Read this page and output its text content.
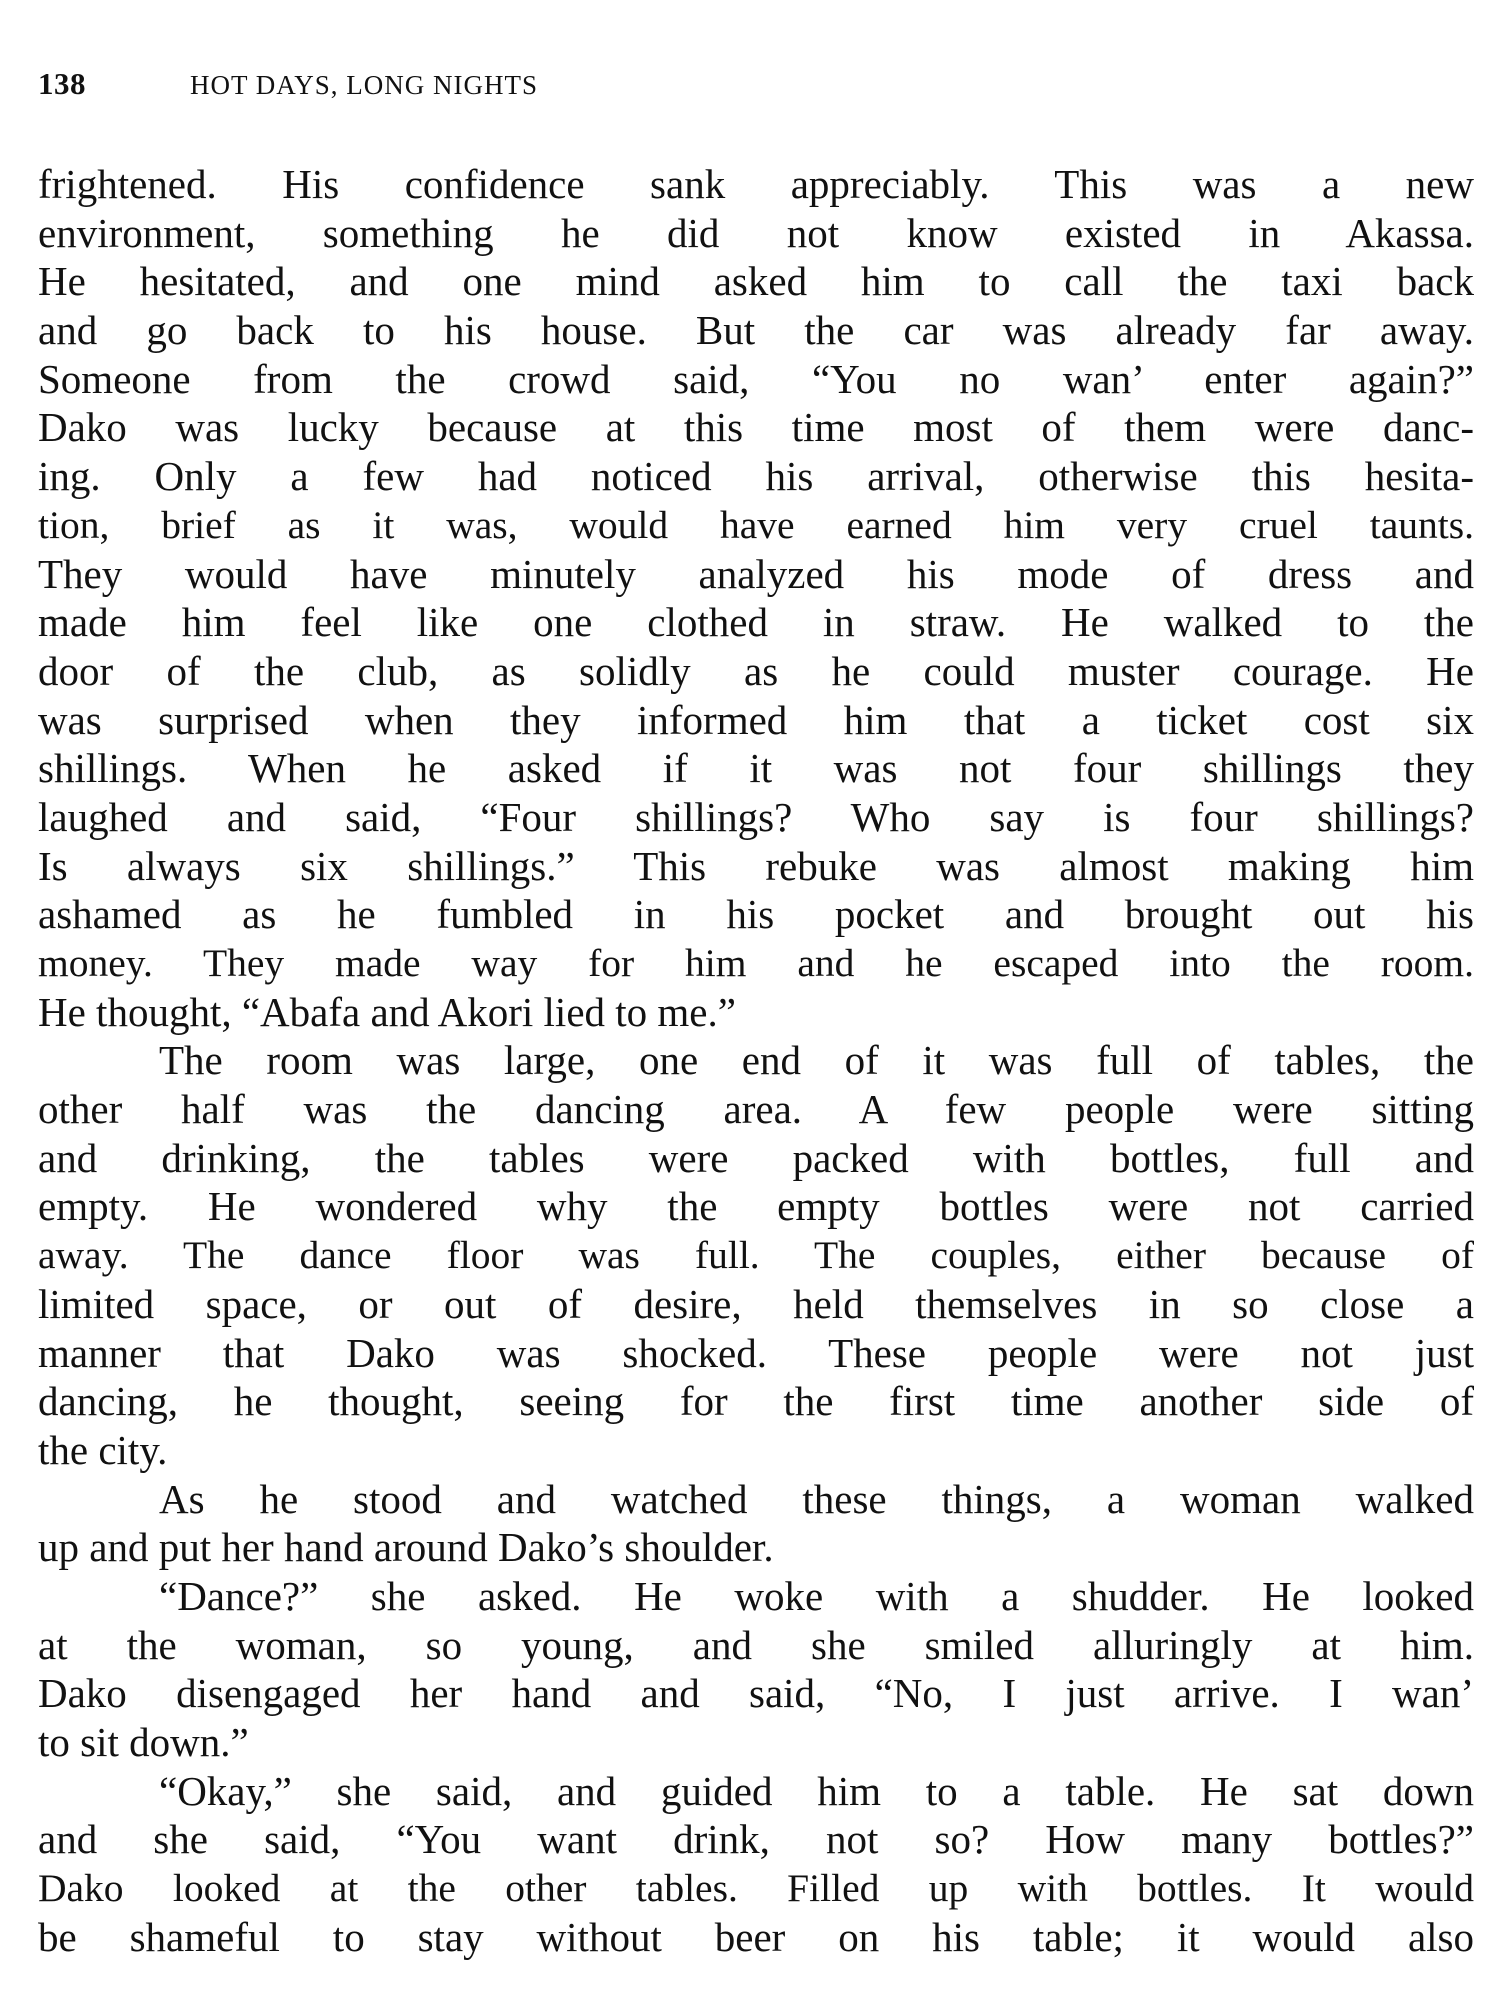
138	HOT DAYS, LONG NIGHTS
frightened. His confidence sank appreciably. This was a new
environment, something he did not know existed in Akassa.
He hesitated, and one mind asked him to call the taxi back
and go back to his house. But the car was already far away.
Someone from the crowd said, “You no wan’ enter again?”
Dako was lucky because at this time most of them were danc-
ing. Only a few had noticed his arrival, otherwise this hesita-
tion, brief as it was, would have earned him very cruel taunts.
They would have minutely analyzed his mode of dress and
made him feel like one clothed in straw. He walked to the
door of the club, as solidly as he could muster courage. He
was surprised when they informed him that a ticket cost six
shillings. When he asked if it was not four shillings they
laughed and said, “Four shillings? Who say is four shillings?
Is always six shillings.” This rebuke was almost making him
ashamed as he fumbled in his pocket and brought out his
money. They made way for him and he escaped into the room.
He thought, “Abafa and Akori lied to me.”
The room was large, one end of it was full of tables, the
other half was the dancing area. A few people were sitting
and drinking, the tables were packed with bottles, full and
empty. He wondered why the empty bottles were not carried
away. The dance floor was full. The couples, either because of
limited space, or out of desire, held themselves in so close a
manner that Dako was shocked. These people were not just
dancing, he thought, seeing for the first time another side of
the city.
As he stood and watched these things, a woman walked
up and put her hand around Dako’s shoulder.
“Dance?” she asked. He woke with a shudder. He looked
at the woman, so young, and she smiled alluringly at him.
Dako disengaged her hand and said, “No, I just arrive. I wan’
to sit down.”
“Okay,” she said, and guided him to a table. He sat down
and she said, “You want drink, not so? How many bottles?”
Dako looked at the other tables. Filled up with bottles. It would
be shameful to stay without beer on his table; it would also
